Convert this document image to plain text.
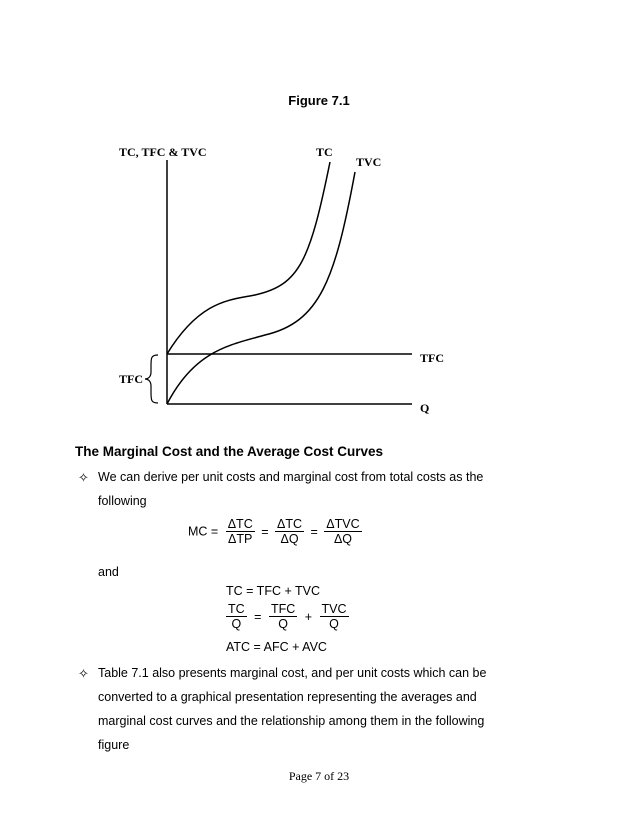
Figure 7.1
TC, TFC & TVC	TC
TVC
TFC
TFC
Q
The Marginal Cost and the Average Cost Curves
✧ We can derive per unit costs and marginal cost from total costs as the
following
MC = $\frac{\text{ΔTC}}{\text{ΔTP}} = \frac{\text{ΔTC}}{\Delta Q} = \frac{\text{ΔTVC}}{\Delta Q}$
and
TC = TFC + TVC
$\frac{TC}{Q} = \frac{\text{TFC}}{Q} + \frac{\text{TVC}}{Q}$
ATC = AFC + AVC
✧ Table 7.1 also presents marginal cost, and per unit costs which can be
converted to a graphical presentation representing the averages and
marginal cost curves and the relationship among them in the following
figure
Page 7 of 23
